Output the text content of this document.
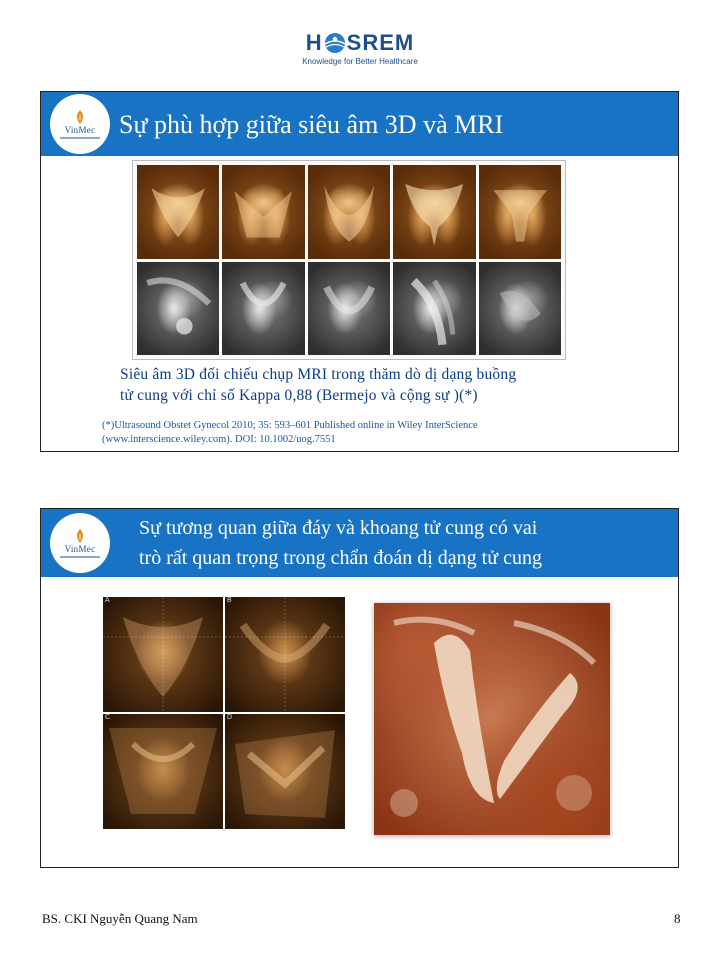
H SREM
Knowledge for Better Healthcare
VinMec Sự phù hợp giữa siêu âm 3D và MRI
Siêu âm 3D đối chiếu chụp MRI trong thăm dò dị dạng buồng
tử cung với chỉ số Kappa 0,88 (Bermejo và cộng sự )(*)
(*)Ultrasound Obstet Gynecol 2010; 35: 593–601 Published online in Wiley InterScience
(www.interscience.wiley.com). DOI: 10.1002/uog.7551
VinMec
Sự tương quan giữa đáy và khoang tử cung có vai
trò rất quan trọng trong chẩn đoán dị dạng tử cung
A	B
C	D
BS. CKI Nguyễn Quang Nam	8
